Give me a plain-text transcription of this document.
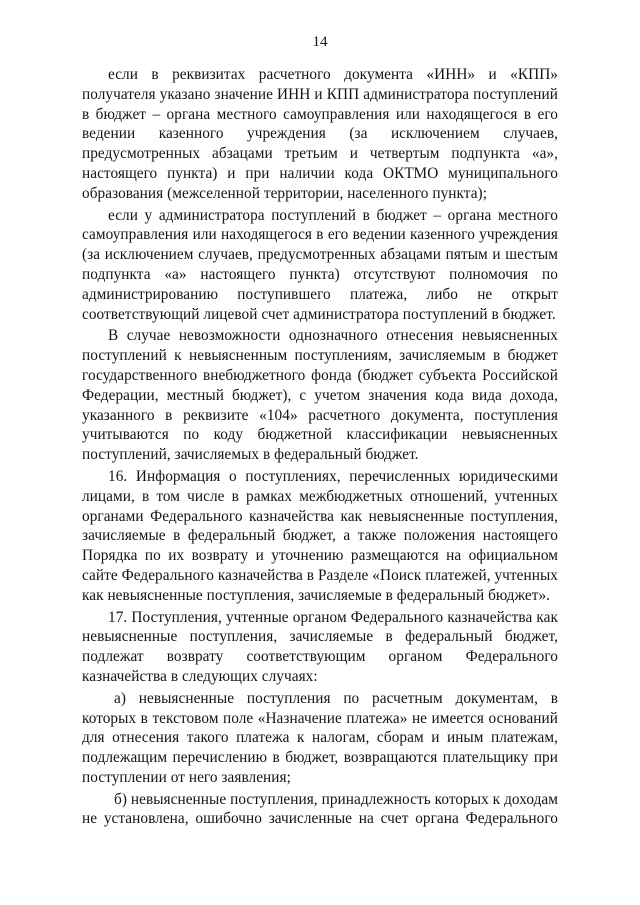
14

если в реквизитах расчетного документа «ИНН» и «КПП» получателя указано значение ИНН и КПП администратора поступлений в бюджет – органа местного самоуправления или находящегося в его ведении казенного учреждения (за исключением случаев, предусмотренных абзацами третьим и четвертым подпункта «а», настоящего пункта) и при наличии кода ОКТМО муниципального образования (межселенной территории, населенного пункта);

если у администратора поступлений в бюджет – органа местного самоуправления или находящегося в его ведении казенного учреждения (за исключением случаев, предусмотренных абзацами пятым и шестым подпункта «а» настоящего пункта) отсутствуют полномочия по администрированию поступившего платежа, либо не открыт соответствующий лицевой счет администратора поступлений в бюджет.

В случае невозможности однозначного отнесения невыясненных поступлений к невыясненным поступлениям, зачисляемым в бюджет государственного внебюджетного фонда (бюджет субъекта Российской Федерации, местный бюджет), с учетом значения кода вида дохода, указанного в реквизите «104» расчетного документа, поступления учитываются по коду бюджетной классификации невыясненных поступлений, зачисляемых в федеральный бюджет.

16. Информация о поступлениях, перечисленных юридическими лицами, в том числе в рамках межбюджетных отношений, учтенных органами Федерального казначейства как невыясненные поступления, зачисляемые в федеральный бюджет, а также положения настоящего Порядка по их возврату и уточнению размещаются на официальном сайте Федерального казначейства в Разделе «Поиск платежей, учтенных как невыясненные поступления, зачисляемые в федеральный бюджет».

17. Поступления, учтенные органом Федерального казначейства как невыясненные поступления, зачисляемые в федеральный бюджет, подлежат возврату соответствующим органом Федерального казначейства в следующих случаях:

а) невыясненные поступления по расчетным документам, в которых в текстовом поле «Назначение платежа» не имеется оснований для отнесения такого платежа к налогам, сборам и иным платежам, подлежащим перечислению в бюджет, возвращаются плательщику при поступлении от него заявления;

б) невыясненные поступления, принадлежность которых к доходам не установлена, ошибочно зачисленные на счет органа Федерального
